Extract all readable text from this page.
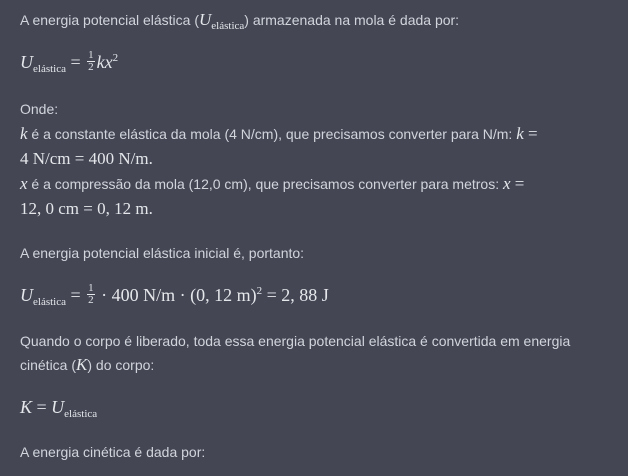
A energia potencial elástica $(U_{elástica})$ armazenada na mola é dada por:
$U_{elástica} = \frac{1}{2} kx^2$
Onde:
k é a constante elástica da mola (4 N/cm), que precisamos converter para N/m: k =
4 N/cm = 400 N/m.
x é a compressão da mola (12,0 cm), que precisamos converter para metros: x =
12, 0 cm = 0, 12 m.
A energia potencial elástica inicial é, portanto:
$U_{elástica} = \frac{1}{2} \cdot 400$ N/m · (0, 12 m)$^2$ = 2, 88 J
Quando o corpo é liberado, toda essa energia potencial elástica é convertida em energia
cinética (K) do corpo:
$K = U_{elástica}$
A energia cinética é dada por:
